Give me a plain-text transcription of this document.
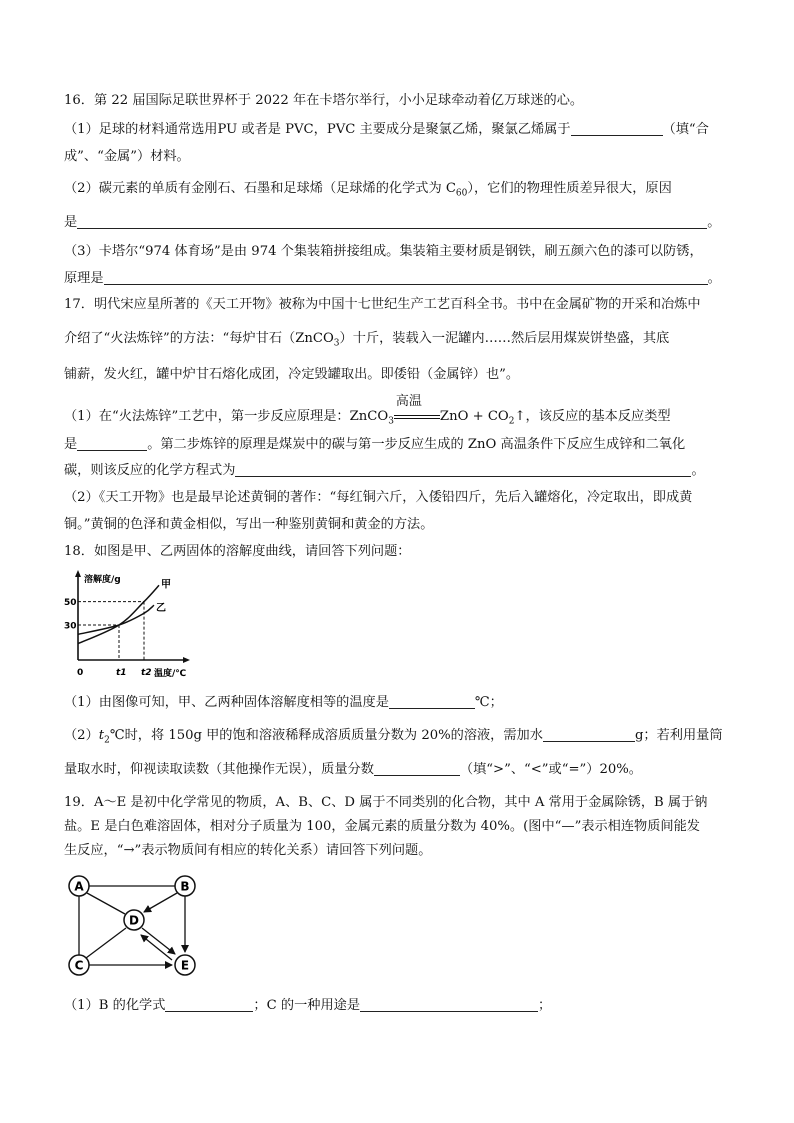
16．第 22 届国际足联世界杯于 2022 年在卡塔尔举行，小小足球牵动着亿万球迷的心。
（1）足球的材料通常选用PU 或者是 PVC，PVC 主要成分是聚氯乙烯，聚氯乙烯属于	（填“合
成”、“金属”）材料。
（2）碳元素的单质有金刚石、石墨和足球烯（足球烯的化学式为 $C_{60}$），它们的物理性质差异很大，原因
是	。
（3）卡塔尔“974 体育场”是由 974 个集装箱拼接组成。集装箱主要材质是钢铁，刷五颜六色的漆可以防锈，
原理是	。
17．明代宋应星所著的《天工开物》被称为中国十七世纪生产工艺百科全书。书中在金属矿物的开采和冶炼中
介绍了“火法炼锌”的方法：“每炉甘石（ZnCO$_3$）十斤，装载入一泥罐内……然后层用煤炭饼垫盛，其底
铺薪，发火红，罐中炉甘石熔化成团，冷定毁罐取出。即倭铅（金属锌）也”。
（1）在“火法炼锌”工艺中，第一步反应原理是：ZnCO$_3$
高温
ZnO + $CO_2↑$，该反应的基本反应类型
是	。第二步炼锌的原理是煤炭中的碳与第一步反应生成的 ZnO 高温条件下反应生成锌和二氧化
碳，则该反应的化学方程式为	。
（2）《天工开物》也是最早论述黄铜的著作：“每红铜六斤，入倭铅四斤，先后入罐熔化，冷定取出，即成黄
铜。”黄铜的色泽和黄金相似，写出一种鉴别黄铜和黄金的方法。
18．如图是甲、乙两固体的溶解度曲线，请回答下列问题：
溶解度/g
温度/℃
甲
乙
50
30
0	t1 t2
（1）由图像可知，甲、乙两种固体溶解度相等的温度是	℃；
$(2)t_2℃$时，将 150g 甲的饱和溶液稀释成溶质质量分数为 20%的溶液，需加水	g；若利用量筒
量取水时，仰视读取读数（其他操作无误），质量分数	（填“>”、“<”或“=”）20%。
19．A～E 是初中化学常见的物质，A、B、C、D 属于不同类别的化合物，其中 A 常用于金属除锈，B 属于钠
盐。E 是白色难溶固体，相对分子质量为 100，金属元素的质量分数为 40%。(图中“—”表示相连物质间能发
生反应，“→”表示物质间有相应的转化关系）请回答下列问题。
A	B
C
D
E
（1）B 的化学式	；C 的一种用途是	；
